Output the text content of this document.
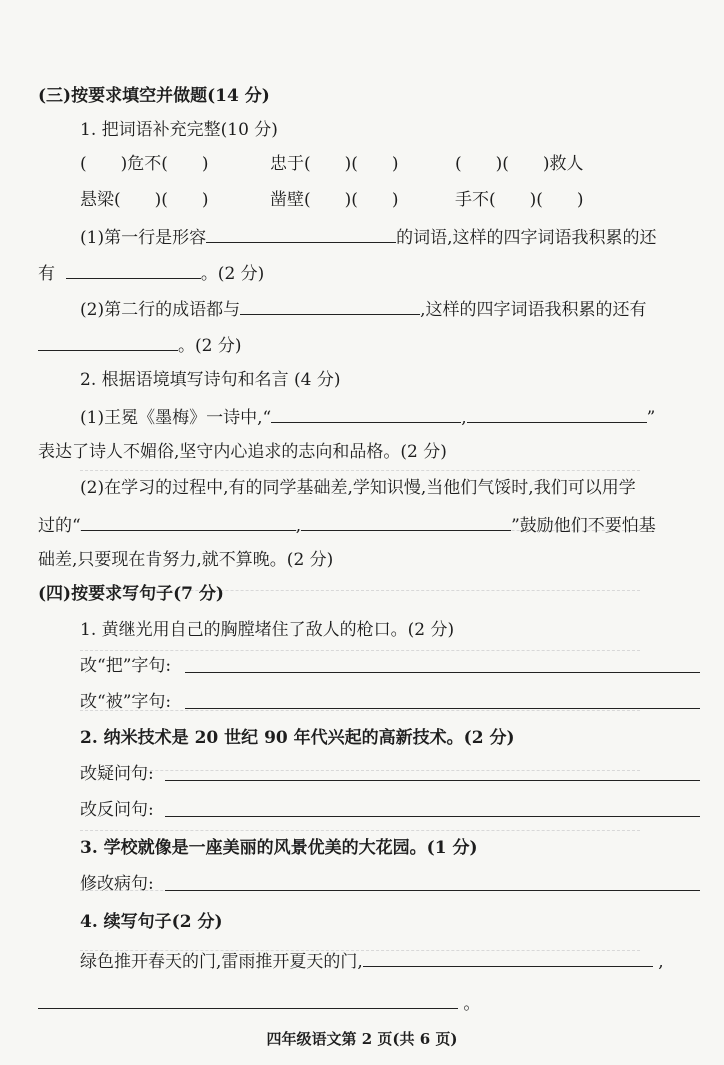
(三)按要求填空并做题(14 分)
1. 把词语补充完整(10 分)
(　　)危不(　　)	忠于(　　)(　　)	(　　)(　　)救人
悬梁(　　)(　　)	凿壁(　　)(　　)	手不(　　)(　　)
(1)第一行是形容	的词语,这样的四字词语我积累的还
有	。(2 分)
(2)第二行的成语都与	,这样的四字词语我积累的还有
。(2 分)
2. 根据语境填写诗句和名言 (4 分)
(1)王冕《墨梅》一诗中,“	,	”
表达了诗人不媚俗,坚守内心追求的志向和品格。(2 分)
(2)在学习的过程中,有的同学基础差,学知识慢,当他们气馁时,我们可以用学
过的“	,	”鼓励他们不要怕基
础差,只要现在肯努力,就不算晚。(2 分)
(四)按要求写句子(7 分)
1. 黄继光用自己的胸膛堵住了敌人的枪口。(2 分)
改“把”字句:
改“被”字句:
2. 纳米技术是 20 世纪 90 年代兴起的高新技术。(2 分)
改疑问句:
改反问句:
3. 学校就像是一座美丽的风景优美的大花园。(1 分)
修改病句:
4. 续写句子(2 分)
绿色推开春天的门,雷雨推开夏天的门,	,
。
四年级语文第 2 页(共 6 页)
